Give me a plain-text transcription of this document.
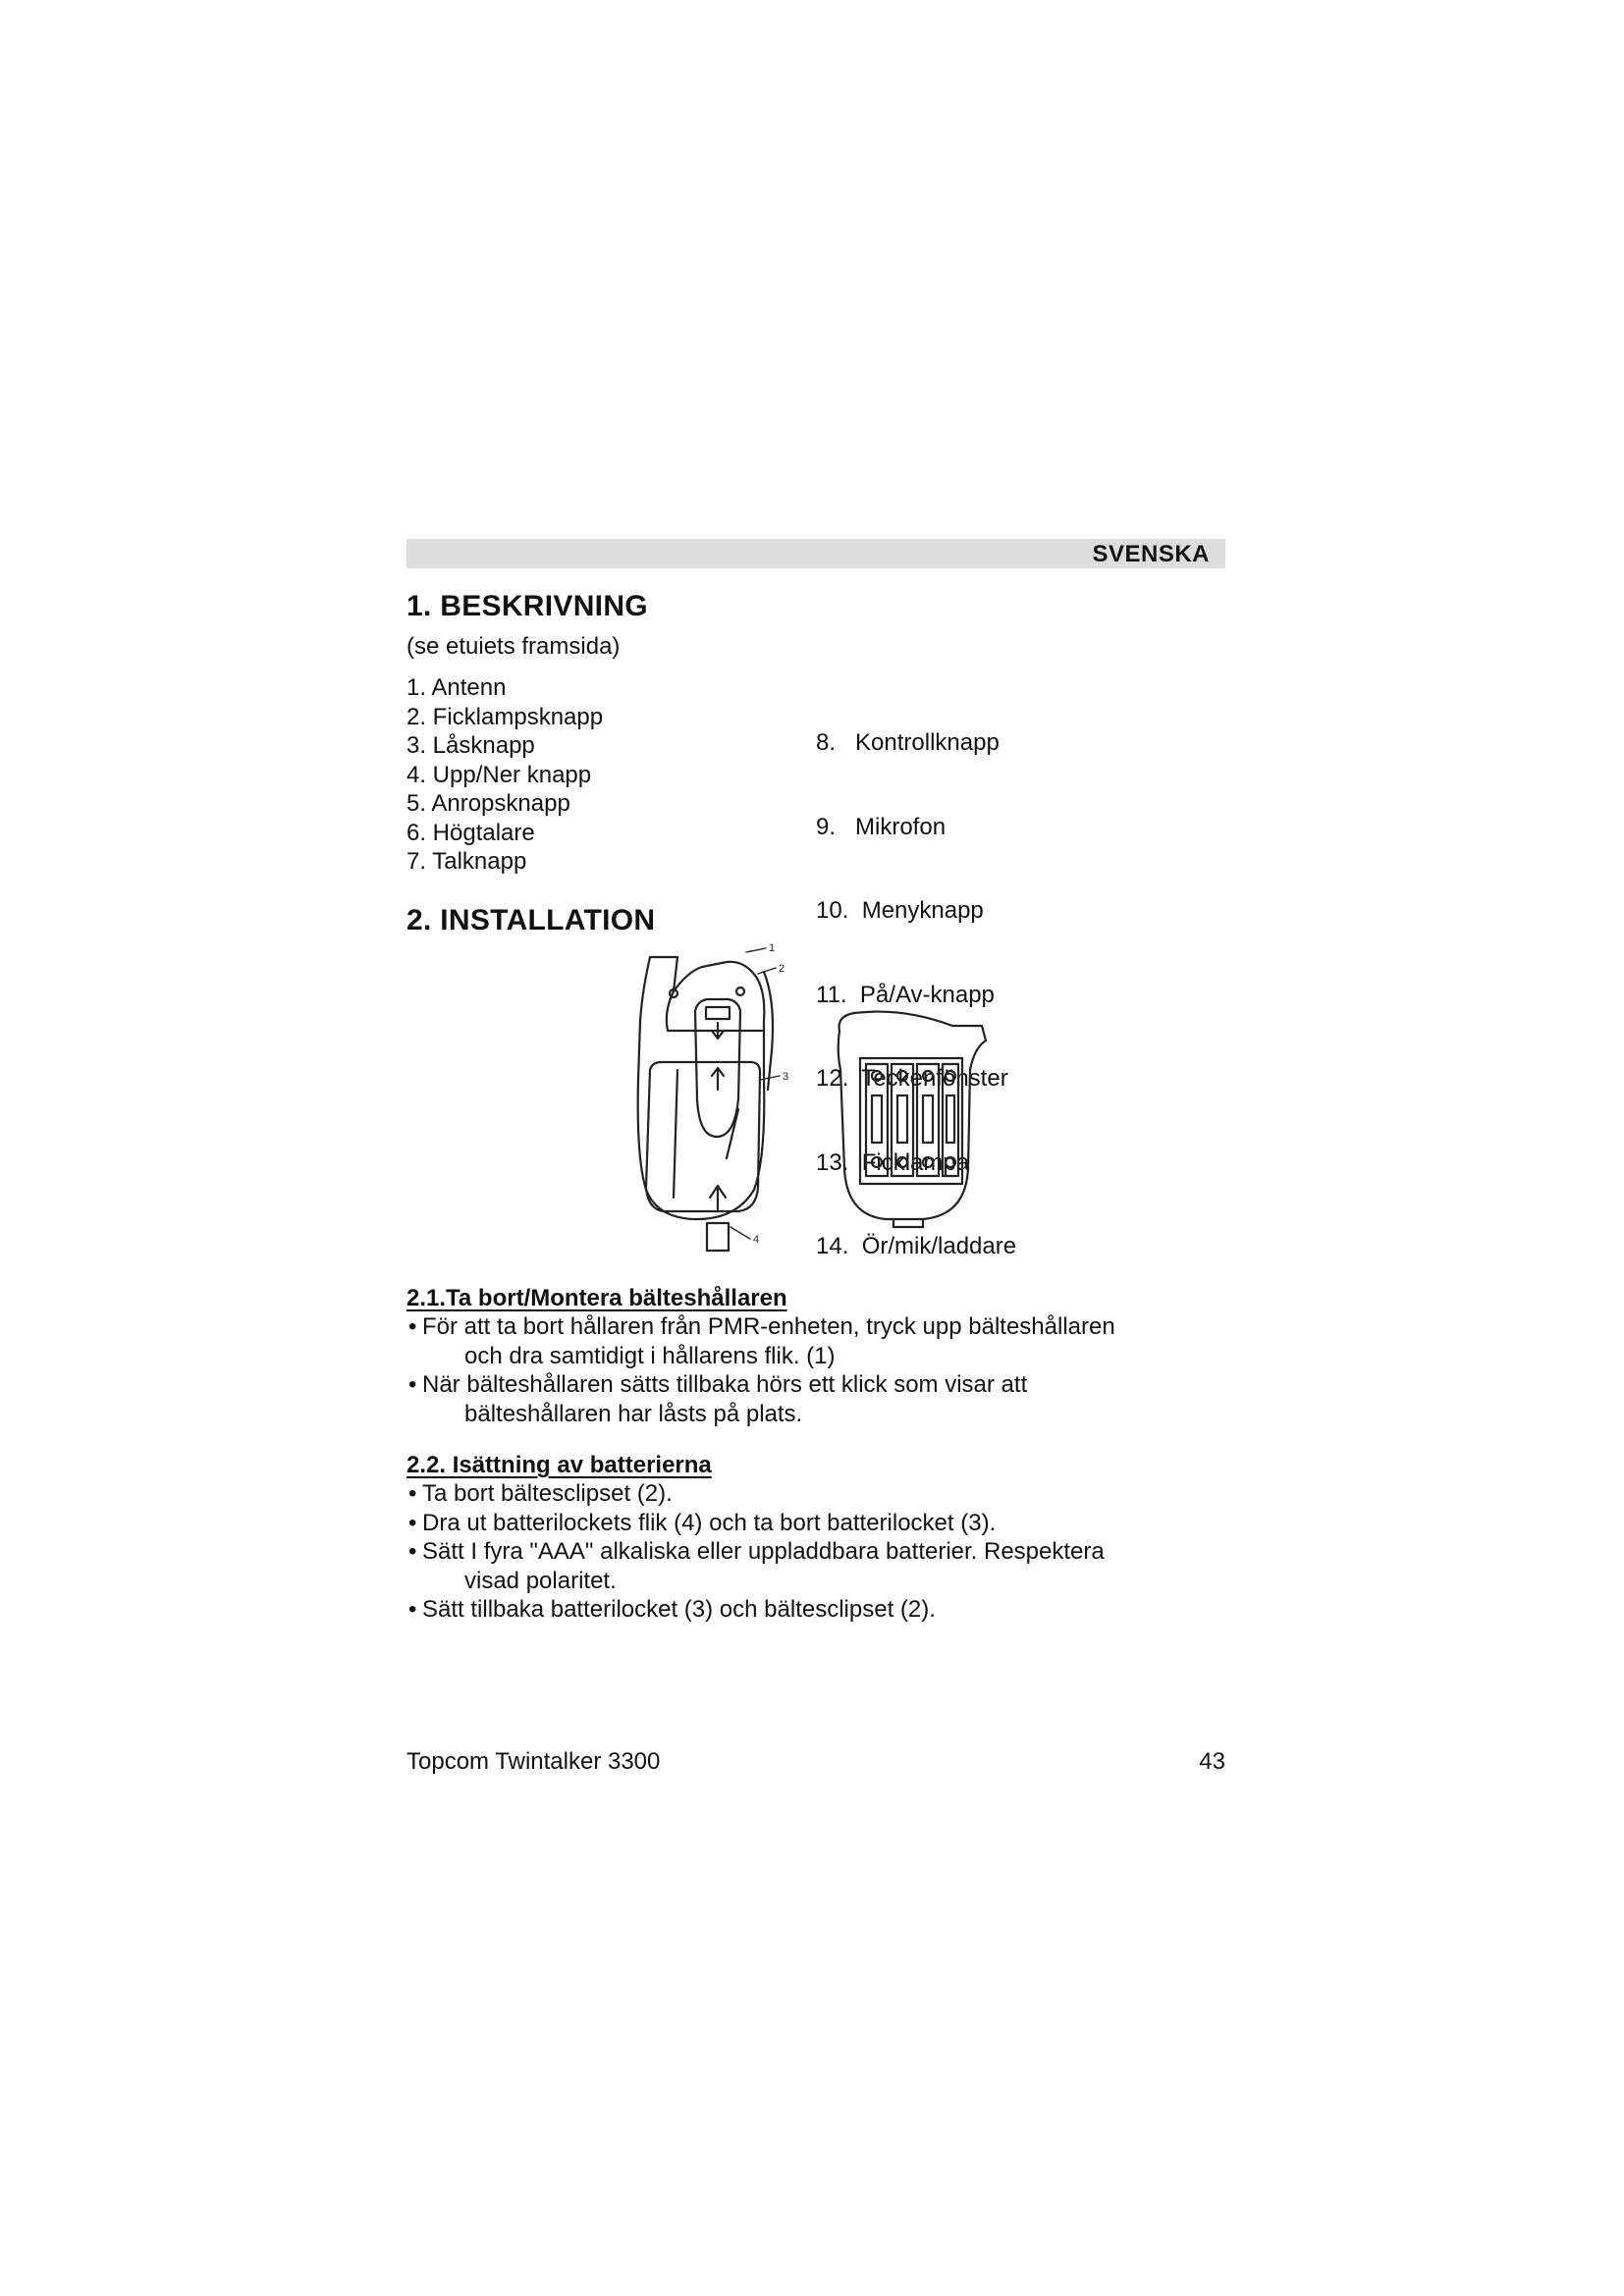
SVENSKA
1. BESKRIVNING
(se etuiets framsida)
1. Antenn
2. Ficklampsknapp
3. Låsknapp
4. Upp/Ner knapp
5. Anropsknapp
6. Högtalare
7. Talknapp

8.   Kontrollknapp

9.   Mikrofon

10.  Menyknapp

11.  På/Av-knapp

12.  Teckenfönster

13.  Ficklampa

14.  Ör/mik/laddare

2. INSTALLATION
1
2
3
4
2.1.Ta bort/Montera bälteshållaren
• För att ta bort hållaren från PMR-enheten, tryck upp bälteshållaren
och dra samtidigt i hållarens flik. (1)
• När bälteshållaren sätts tillbaka hörs ett klick som visar att
bälteshållaren har låsts på plats.
2.2. Isättning av batterierna
• Ta bort bältesclipset (2).
• Dra ut batterilockets flik (4) och ta bort batterilocket (3).
• Sätt I fyra "AAA" alkaliska eller uppladdbara batterier. Respektera
visad polaritet.
• Sätt tillbaka batterilocket (3) och bältesclipset (2).
Topcom Twintalker 3300	43
